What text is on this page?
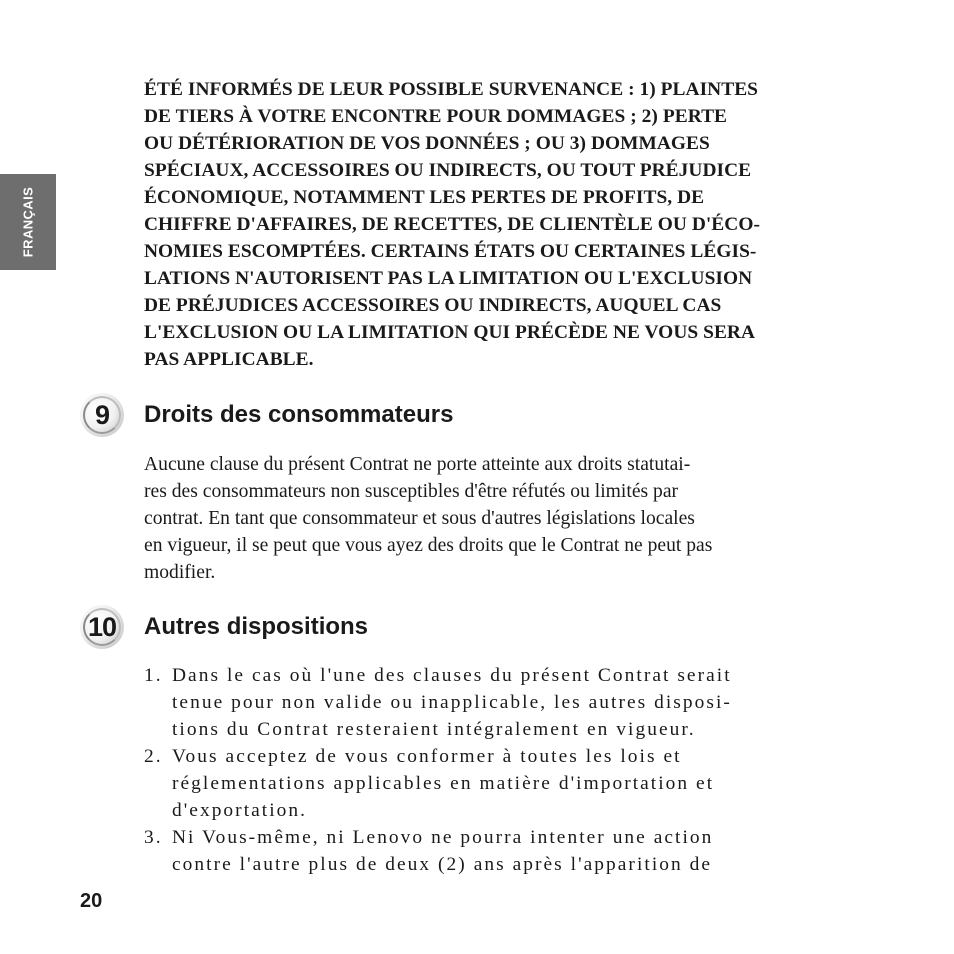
FRANÇAIS
ÉTÉ INFORMÉS DE LEUR POSSIBLE SURVENANCE : 1) PLAINTES
DE TIERS À VOTRE ENCONTRE POUR DOMMAGES ; 2) PERTE
OU DÉTÉRIORATION DE VOS DONNÉES ; OU 3) DOMMAGES
SPÉCIAUX, ACCESSOIRES OU INDIRECTS, OU TOUT PRÉJUDICE
ÉCONOMIQUE, NOTAMMENT LES PERTES DE PROFITS, DE
CHIFFRE D'AFFAIRES, DE RECETTES, DE CLIENTÈLE OU D'ÉCO-
NOMIES ESCOMPTÉES. CERTAINS ÉTATS OU CERTAINES LÉGIS-
LATIONS N'AUTORISENT PAS LA LIMITATION OU L'EXCLUSION
DE PRÉJUDICES ACCESSOIRES OU INDIRECTS, AUQUEL CAS
L'EXCLUSION OU LA LIMITATION QUI PRÉCÈDE NE VOUS SERA
PAS APPLICABLE.
9	Droits des consommateurs
Aucune clause du présent Contrat ne porte atteinte aux droits statutai-
res des consommateurs non susceptibles d'être réfutés ou limités par
contrat. En tant que consommateur et sous d'autres législations locales
en vigueur, il se peut que vous ayez des droits que le Contrat ne peut pas
modifier.
10	Autres dispositions
1. Dans le cas où l'une des clauses du présent Contrat serait
tenue pour non valide ou inapplicable, les autres disposi-
tions du Contrat resteraient intégralement en vigueur.
2. Vous acceptez de vous conformer à toutes les lois et
réglementations applicables en matière d'importation et
d'exportation.
3. Ni Vous-même, ni Lenovo ne pourra intenter une action
contre l'autre plus de deux (2) ans après l'apparition de
20
